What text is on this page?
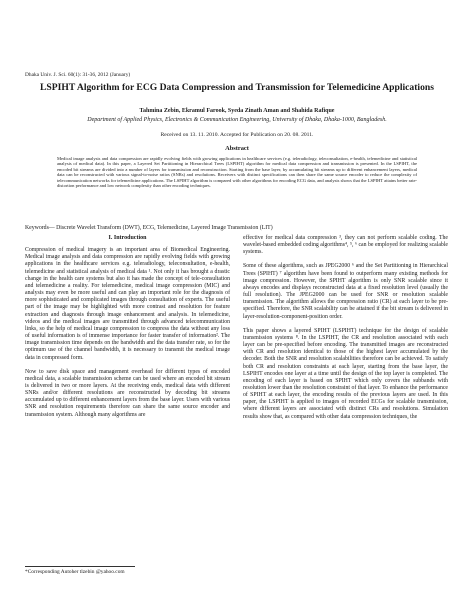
Dhaka Univ. J. Sci. 60(1): 31-36, 2012 (January)
LSPIHT Algorithm for ECG Data Compression and Transmission for Telemedicine Applications
Tahmina Zebin, Ekramul Farook, Syeda Zinath Aman and Shahida Rafique
Department of Applied Physics, Electronics & Communication Engineering, University of Dhaka, Dhaka-1000, Bangladesh.
Received on 13. 11. 2010. Accepted for Publication on 20. 08. 2011.
Abstract
Medical image analysis and data compression are rapidly evolving fields with growing applications in healthcare services (e.g. teleradiology, teleconsultation, e-health, telemedicine and statistical analysis of medical data). In this paper, a Layered Set Partitioning in Hierarchical Trees (LSPIHT) algorithm for medical data compression and transmission is presented. In the LSPIHT, the encoded bit streams are divided into a number of layers for transmission and reconstruction. Starting from the base layer, by accumulating bit streams up to different enhancement layers, medical data can be reconstructed with various signal-to-noise ratios (SNRs) and resolutions. Receivers with distinct specifications can then share the same source encoder to reduce the complexity of telecommunication networks for telemedicine applications. The LSPIHT algorithm is compared with other algorithms for encoding ECG data, and analysis shows that the LSPIHT attains better rate-distortion performance and low network complexity than other encoding techniques.
Keywords— Discrete Wavelet Transform (DWT), ECG, Telemedicine, Layered Image Transmission (LIT)
I. Introduction

Compression of medical imagery is an important area of Biomedical Engineering. Medical image analysis and data compression are rapidly evolving fields with growing applications in the healthcare services e.g. teleradiology, teleconsultation, e-health, telemedicine and statistical analysis of medical data ¹. Not only it has brought a drastic change in the health care systems but also it has made the concept of tele-consultation and telemedicine a reality. For telemedicine, medical image compression (MIC) and analysis may even be more useful and can play an important role for the diagnosis of more sophisticated and complicated images through consultation of experts. The useful part of the image may be highlighted with more contrast and resolution for feature extraction and diagnosis through image enhancement and analysis. In telemedicine, videos and the medical images are transmitted through advanced telecommunication links, so the help of medical image compression to compress the data without any loss of useful information is of immense importance for faster transfer of information². The image transmission time depends on the bandwidth and the data transfer rate, so for the optimum use of the channel bandwidth, it is necessary to transmit the medical image data in compressed form.

Now to save disk space and management overhead for different types of encoded medical data, a scalable transmission scheme can be used where an encoded bit stream is delivered in two or more layers. At the receiving ends, medical data with different SNRs and/or different resolutions are reconstructed by decoding bit streams accumulated up to different enhancement layers from the base layer. Users with various SNR and resolution requirements therefore can share the same source encoder and transmission system. Although many algorithms are

effective for medical data compression ³, they can not perform scalable coding. The wavelet-based embedded coding algorithms⁴, ⁵, ⁶ can be employed for realizing scalable systems.

Some of these algorithms, such as JPEG2000 ⁶ and the Set Partitioning in Hierarchical Trees (SPIHT) ⁷ algorithm have been found to outperform many existing methods for image compression. However, the SPIHT algorithm is only SNR scalable since it always encodes and displays reconstructed data at a fixed resolution level (usually the full resolution). The JPEG2000 can be used for SNR or resolution scalable transmission. The algorithm allows the compression ratio (CR) at each layer to be pre-specified. Therefore, the SNR scalability can be attained if the bit stream is delivered in layer-resolution-component-position order.

This paper shows a layered SPIHT (LSPIHT) technique for the design of scalable transmission systems ⁸. In the LSPIHT, the CR and resolution associated with each layer can be pre-specified before encoding. The transmitted images are reconstructed with CR and resolution identical to those of the highest layer accumulated by the decoder. Both the SNR and resolution scalabilities therefore can be achieved. To satisfy both CR and resolution constraints at each layer, starting from the base layer, the LSPIHT encodes one layer at a time until the design of the top layer is completed. The encoding of each layer is based on SPIHT which only covers the subbands with resolution lower than the resolution constraint of that layer. To enhance the performance of SPIHT at each layer, the encoding results of the previous layers are used. In this paper, the LSPIHT is applied to images of recorded ECGs for scalable transmission, where different layers are associated with distinct CRs and resolutions. Simulation results show that, as compared with other data compression techniques, the

*Corresponding Autoher tlzebin @yahoo.com
